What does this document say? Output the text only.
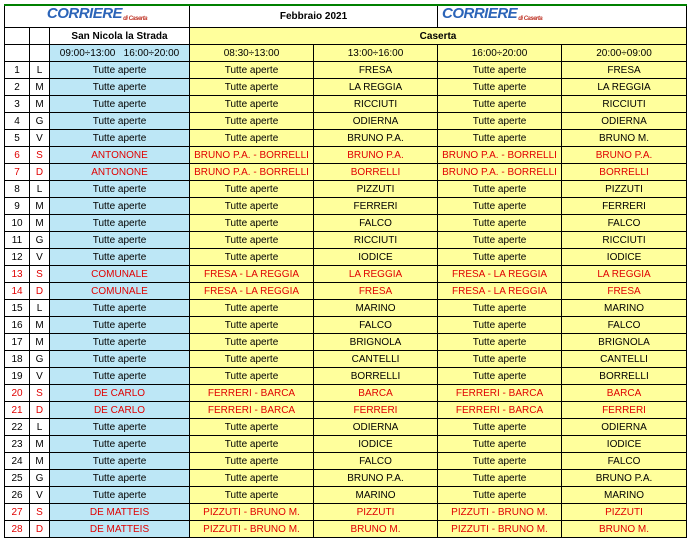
CORRIEREdi Caserta			Febbraio 2021		CORRIEREdi Caserta	
		San Nicola la Strada	Caserta			
		09:00÷13:00   16:00÷20:00	08:30÷13:00	13:00÷16:00	16:00÷20:00	20:00÷09:00
1	L	Tutte aperte	Tutte aperte	FRESA	Tutte aperte	FRESA
2	M	Tutte aperte	Tutte aperte	LA REGGIA	Tutte aperte	LA REGGIA
3	M	Tutte aperte	Tutte aperte	RICCIUTI	Tutte aperte	RICCIUTI
4	G	Tutte aperte	Tutte aperte	ODIERNA	Tutte aperte	ODIERNA
5	V	Tutte aperte	Tutte aperte	BRUNO P.A.	Tutte aperte	BRUNO M.
6	S	ANTONONE	BRUNO P.A. - BORRELLI	BRUNO P.A.	BRUNO P.A. - BORRELLI	BRUNO P.A.
7	D	ANTONONE	BRUNO P.A. - BORRELLI	BORRELLI	BRUNO P.A. - BORRELLI	BORRELLI
8	L	Tutte aperte	Tutte aperte	PIZZUTI	Tutte aperte	PIZZUTI
9	M	Tutte aperte	Tutte aperte	FERRERI	Tutte aperte	FERRERI
10	M	Tutte aperte	Tutte aperte	FALCO	Tutte aperte	FALCO
11	G	Tutte aperte	Tutte aperte	RICCIUTI	Tutte aperte	RICCIUTI
12	V	Tutte aperte	Tutte aperte	IODICE	Tutte aperte	IODICE
13	S	COMUNALE	FRESA - LA REGGIA	LA REGGIA	FRESA - LA REGGIA	LA REGGIA
14	D	COMUNALE	FRESA - LA REGGIA	FRESA	FRESA - LA REGGIA	FRESA
15	L	Tutte aperte	Tutte aperte	MARINO	Tutte aperte	MARINO
16	M	Tutte aperte	Tutte aperte	FALCO	Tutte aperte	FALCO
17	M	Tutte aperte	Tutte aperte	BRIGNOLA	Tutte aperte	BRIGNOLA
18	G	Tutte aperte	Tutte aperte	CANTELLI	Tutte aperte	CANTELLI
19	V	Tutte aperte	Tutte aperte	BORRELLI	Tutte aperte	BORRELLI
20	S	DE CARLO	FERRERI - BARCA	BARCA	FERRERI - BARCA	BARCA
21	D	DE CARLO	FERRERI - BARCA	FERRERI	FERRERI - BARCA	FERRERI
22	L	Tutte aperte	Tutte aperte	ODIERNA	Tutte aperte	ODIERNA
23	M	Tutte aperte	Tutte aperte	IODICE	Tutte aperte	IODICE
24	M	Tutte aperte	Tutte aperte	FALCO	Tutte aperte	FALCO
25	G	Tutte aperte	Tutte aperte	BRUNO P.A.	Tutte aperte	BRUNO P.A.
26	V	Tutte aperte	Tutte aperte	MARINO	Tutte aperte	MARINO
27	S	DE MATTEIS	PIZZUTI - BRUNO M.	PIZZUTI	PIZZUTI - BRUNO M.	PIZZUTI
28	D	DE MATTEIS	PIZZUTI - BRUNO M.	BRUNO M.	PIZZUTI - BRUNO M.	BRUNO M.
